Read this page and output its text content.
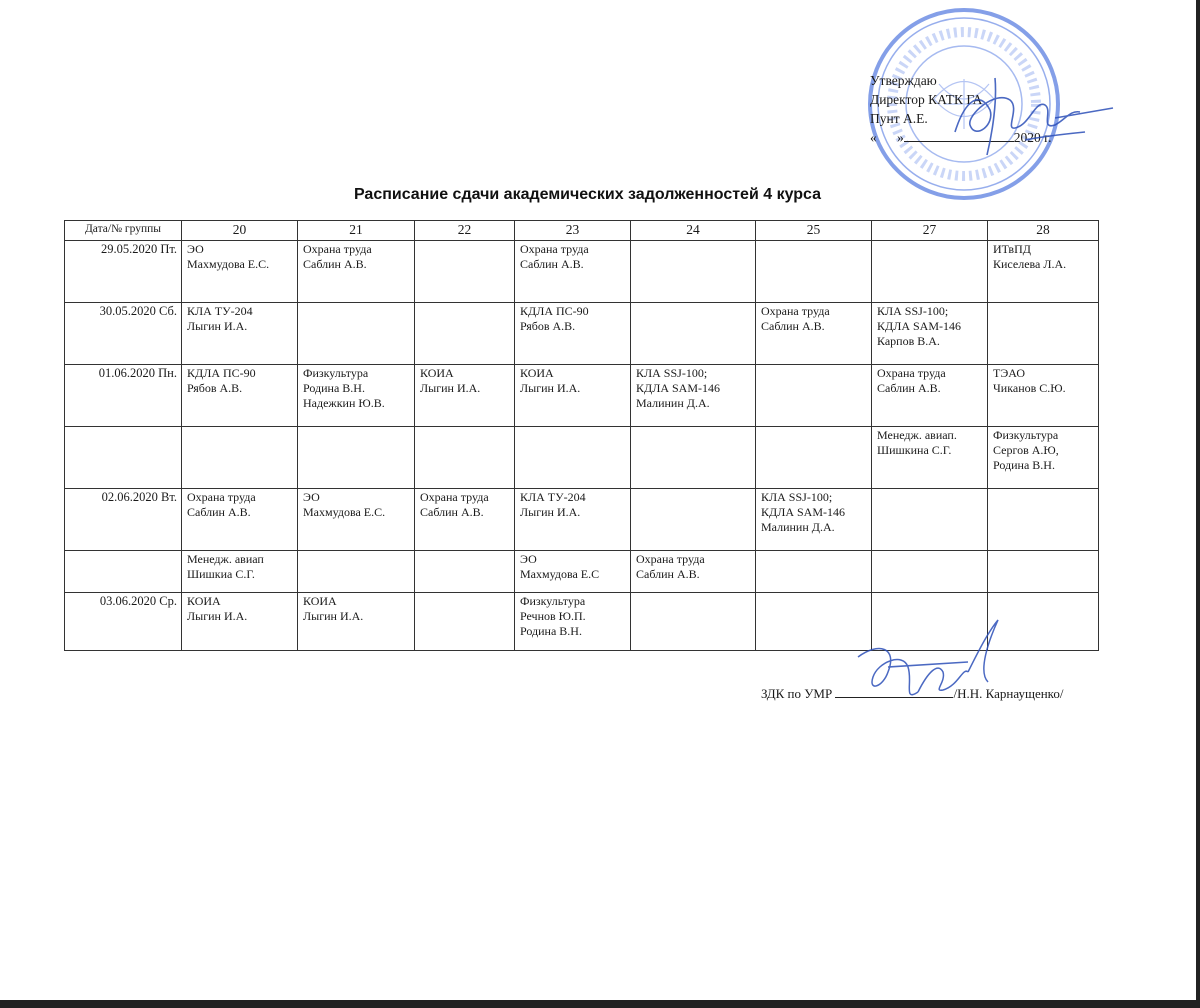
Утверждаю
Директор КАТК ГА
Пунт А.Е.
« »	2020 г.
Расписание сдачи академических задолженностей 4 курса
Дата/№ группы	20	21	22	23	24	25	27	28
29.05.2020 Пт.	ЭО
Махмудова Е.С.	Охрана труда
Саблин А.В.		Охрана труда
Саблин А.В.				ИТвПД
Киселева Л.А.

30.05.2020 Сб.	КЛА ТУ-204
Лыгин И.А.			КДЛА ПС-90
Рябов А.В.		Охрана труда
Саблин А.В.	КЛА SSJ-100;
КДЛА SAM-146
Карпов В.А.	

01.06.2020 Пн.	КДЛА ПС-90
Рябов А.В.	Физкультура
Родина В.Н.
Надежкин Ю.В.	КОИА
Лыгин И.А.	КОИА
Лыгин И.А.	КЛА SSJ-100;
КДЛА SAM-146
Малинин Д.А.		Охрана труда
Саблин А.В.	ТЭАО
Чиканов С.Ю.

							Менедж. авиап.
Шишкина С.Г.	Физкультура
Сергов А.Ю,
Родина В.Н.

02.06.2020 Вт.	Охрана труда
Саблин А.В.	ЭО
Махмудова Е.С.	Охрана труда
Саблин А.В.	КЛА ТУ-204
Лыгин И.А.		КЛА SSJ-100;
КДЛА SAM-146
Малинин Д.А.		

	Менедж. авиап
Шишкиа С.Г.			ЭО
Махмудова Е.С	Охрана труда
Саблин А.В.			

03.06.2020 Ср.	КОИА
Лыгин И.А.	КОИА
Лыгин И.А.		Физкультура
Речнов Ю.П.
Родина В.Н.				

ЗДК по УМР	/Н.Н. Карнаущенко/
